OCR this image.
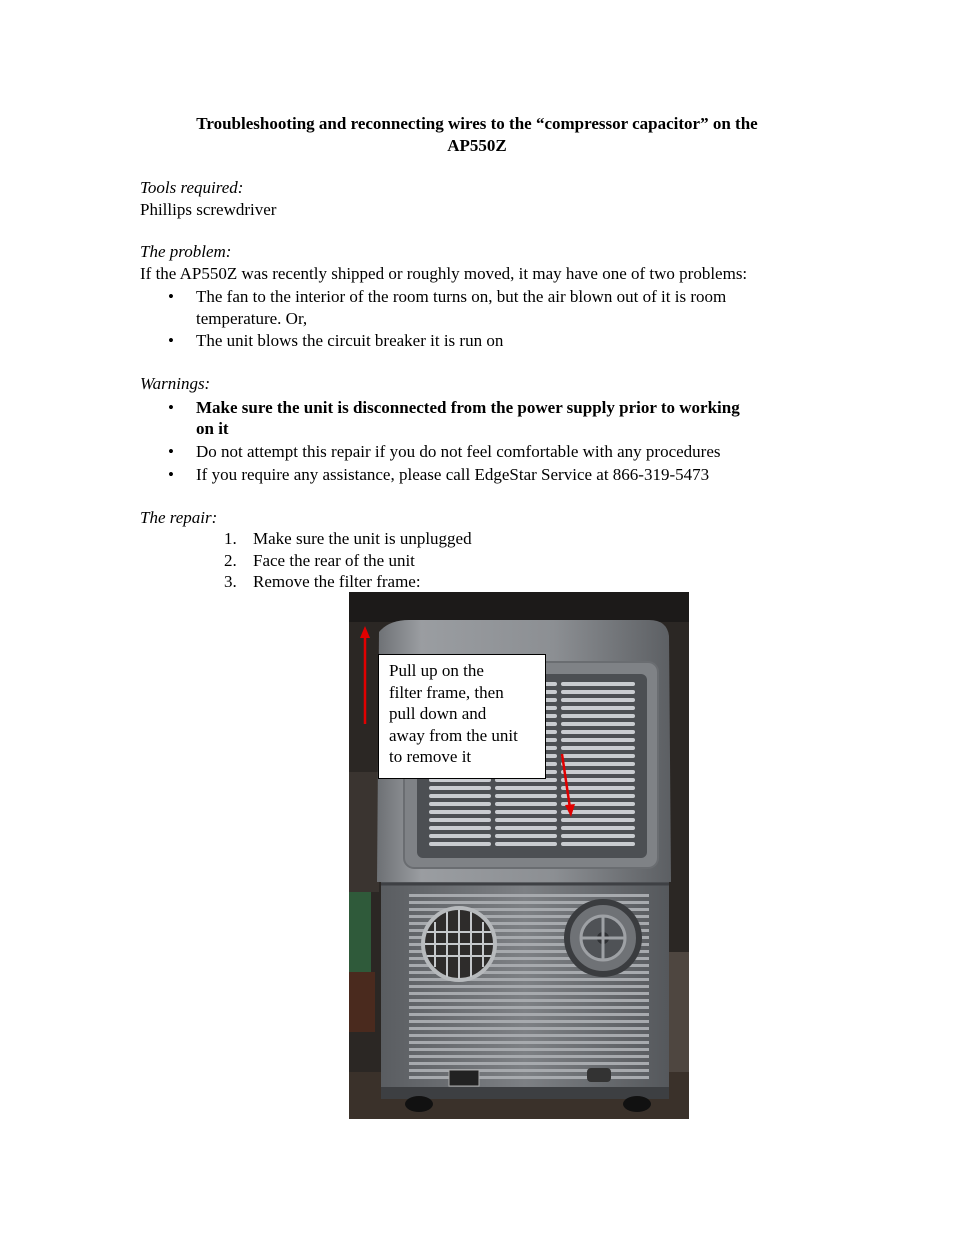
Troubleshooting and reconnecting wires to the “compressor capacitor” on the
AP550Z
Tools required:
Phillips screwdriver
The problem:
If the AP550Z was recently shipped or roughly moved, it may have one of two problems:
• The fan to the interior of the room turns on, but the air blown out of it is room
temperature. Or,
• The unit blows the circuit breaker it is run on
Warnings:
• Make sure the unit is disconnected from the power supply prior to working
on it
• Do not attempt this repair if you do not feel comfortable with any procedures
• If you require any assistance, please call EdgeStar Service at 866-319-5473
The repair:
1. Make sure the unit is unplugged
2. Face the rear of the unit
3. Remove the filter frame:
Pull up on the
filter frame, then
pull down and
away from the unit
to remove it
